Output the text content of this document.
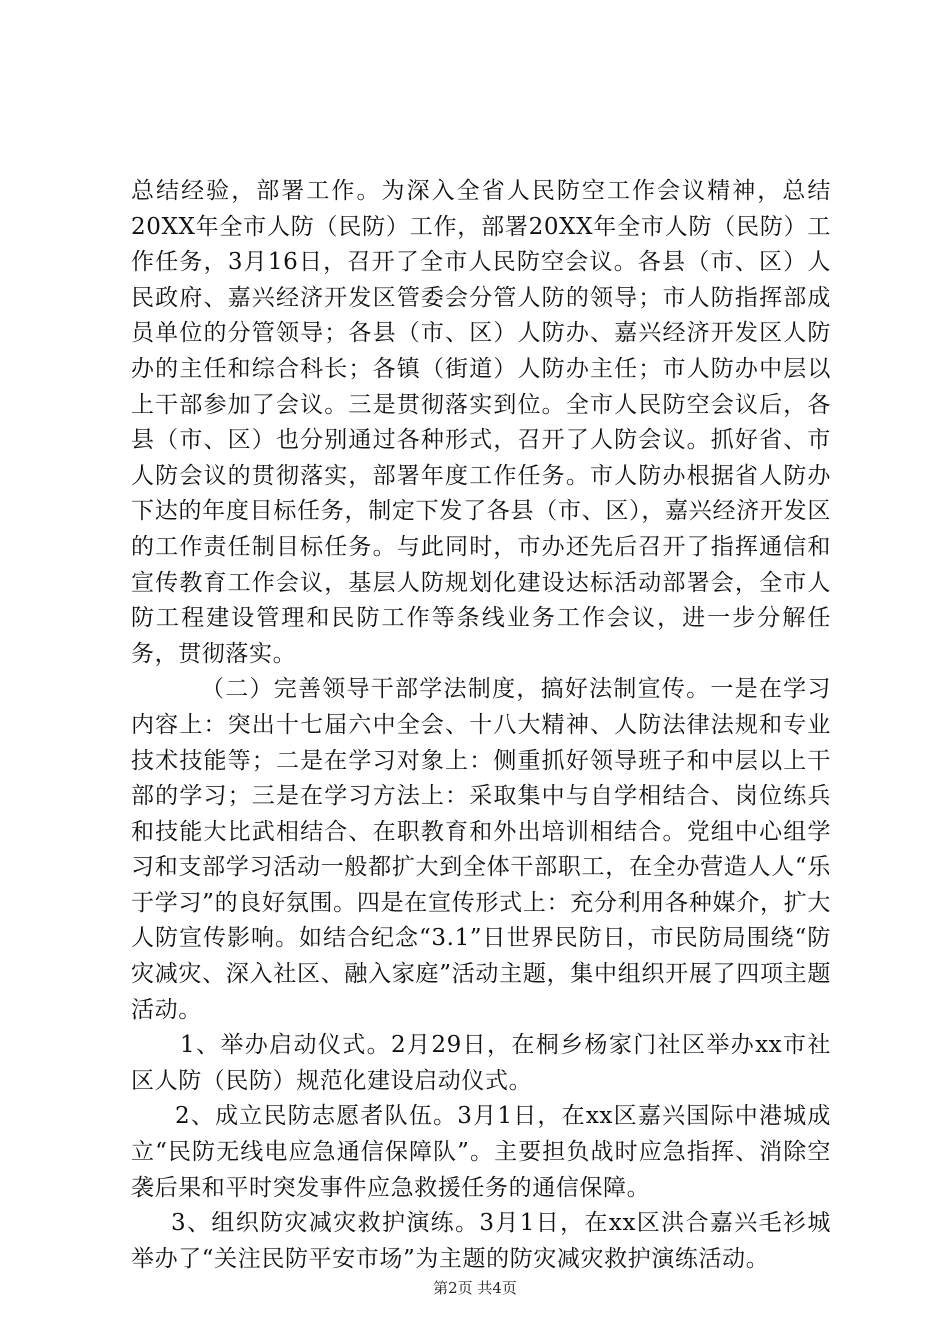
总结经验，部署工作。为深入全省人民防空工作会议精神，总结20XX年全市人防（民防）工作，部署20XX年全市人防（民防）工作任务，3月16日，召开了全市人民防空会议。各县（市、区）人民政府、嘉兴经济开发区管委会分管人防的领导；市人防指挥部成员单位的分管领导；各县（市、区）人防办、嘉兴经济开发区人防办的主任和综合科长；各镇（街道）人防办主任；市人防办中层以上干部参加了会议。三是贯彻落实到位。全市人民防空会议后，各县（市、区）也分别通过各种形式，召开了人防会议。抓好省、市人防会议的贯彻落实，部署年度工作任务。市人防办根据省人防办下达的年度目标任务，制定下发了各县（市、区），嘉兴经济开发区的工作责任制目标任务。与此同时，市办还先后召开了指挥通信和宣传教育工作会议，基层人防规划化建设达标活动部署会，全市人防工程建设管理和民防工作等条线业务工作会议，进一步分解任务，贯彻落实。

（二）完善领导干部学法制度，搞好法制宣传。一是在学习内容上：突出十七届六中全会、十八大精神、人防法律法规和专业技术技能等；二是在学习对象上：侧重抓好领导班子和中层以上干部的学习；三是在学习方法上：采取集中与自学相结合、岗位练兵和技能大比武相结合、在职教育和外出培训相结合。党组中心组学习和支部学习活动一般都扩大到全体干部职工，在全办营造人人“乐于学习”的良好氛围。四是在宣传形式上：充分利用各种媒介，扩大人防宣传影响。如结合纪念“3.1”日世界民防日，市民防局围绕“防灾减灾、深入社区、融入家庭”活动主题，集中组织开展了四项主题活动。

1、举办启动仪式。2月29日，在桐乡杨家门社区举办xx市社区人防（民防）规范化建设启动仪式。

2、成立民防志愿者队伍。3月1日，在xx区嘉兴国际中港城成立“民防无线电应急通信保障队”。主要担负战时应急指挥、消除空袭后果和平时突发事件应急救援任务的通信保障。

3、组织防灾减灾救护演练。3月1日，在xx区洪合嘉兴毛衫城举办了“关注民防平安市场”为主题的防灾减灾救护演练活动。

第2页 共4页
